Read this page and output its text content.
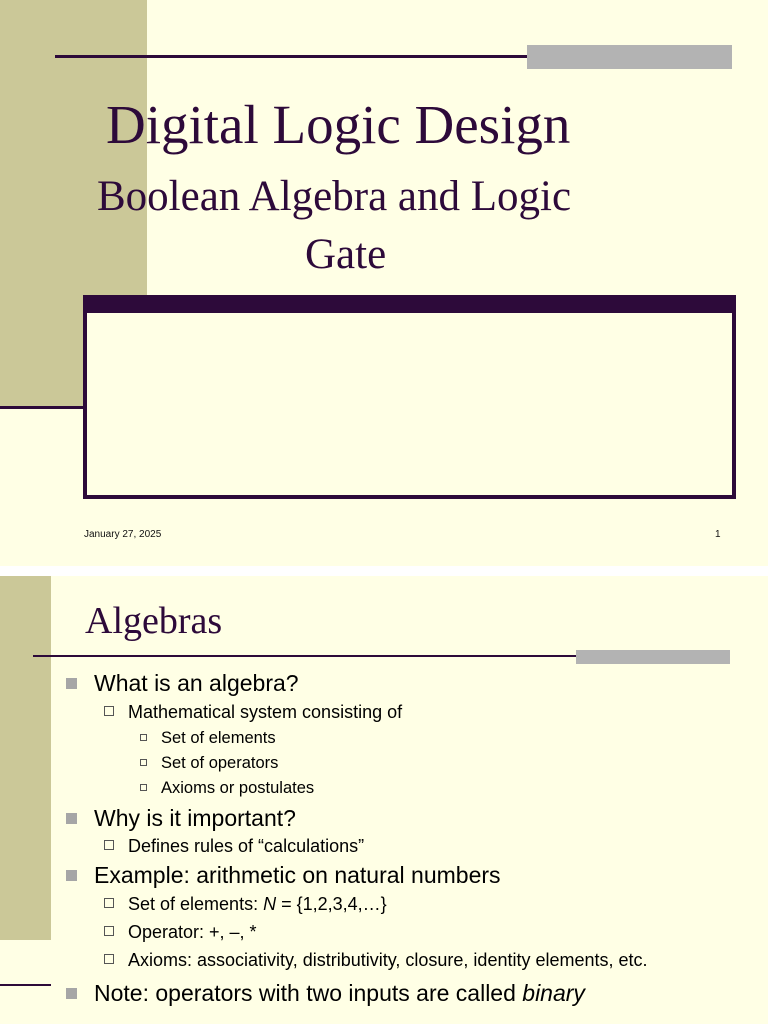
Digital Logic Design
Boolean Algebra and Logic
Gate
January 27, 2025	1
Algebras
What is an algebra?
Mathematical system consisting of
Set of elements
Set of operators
Axioms or postulates
Why is it important?
Defines rules of “calculations”
Example: arithmetic on natural numbers
Set of elements: N = {1,2,3,4,…}
Operator: +, –, *
Axioms: associativity, distributivity, closure, identity elements, etc.
Note: operators with two inputs are called binary
